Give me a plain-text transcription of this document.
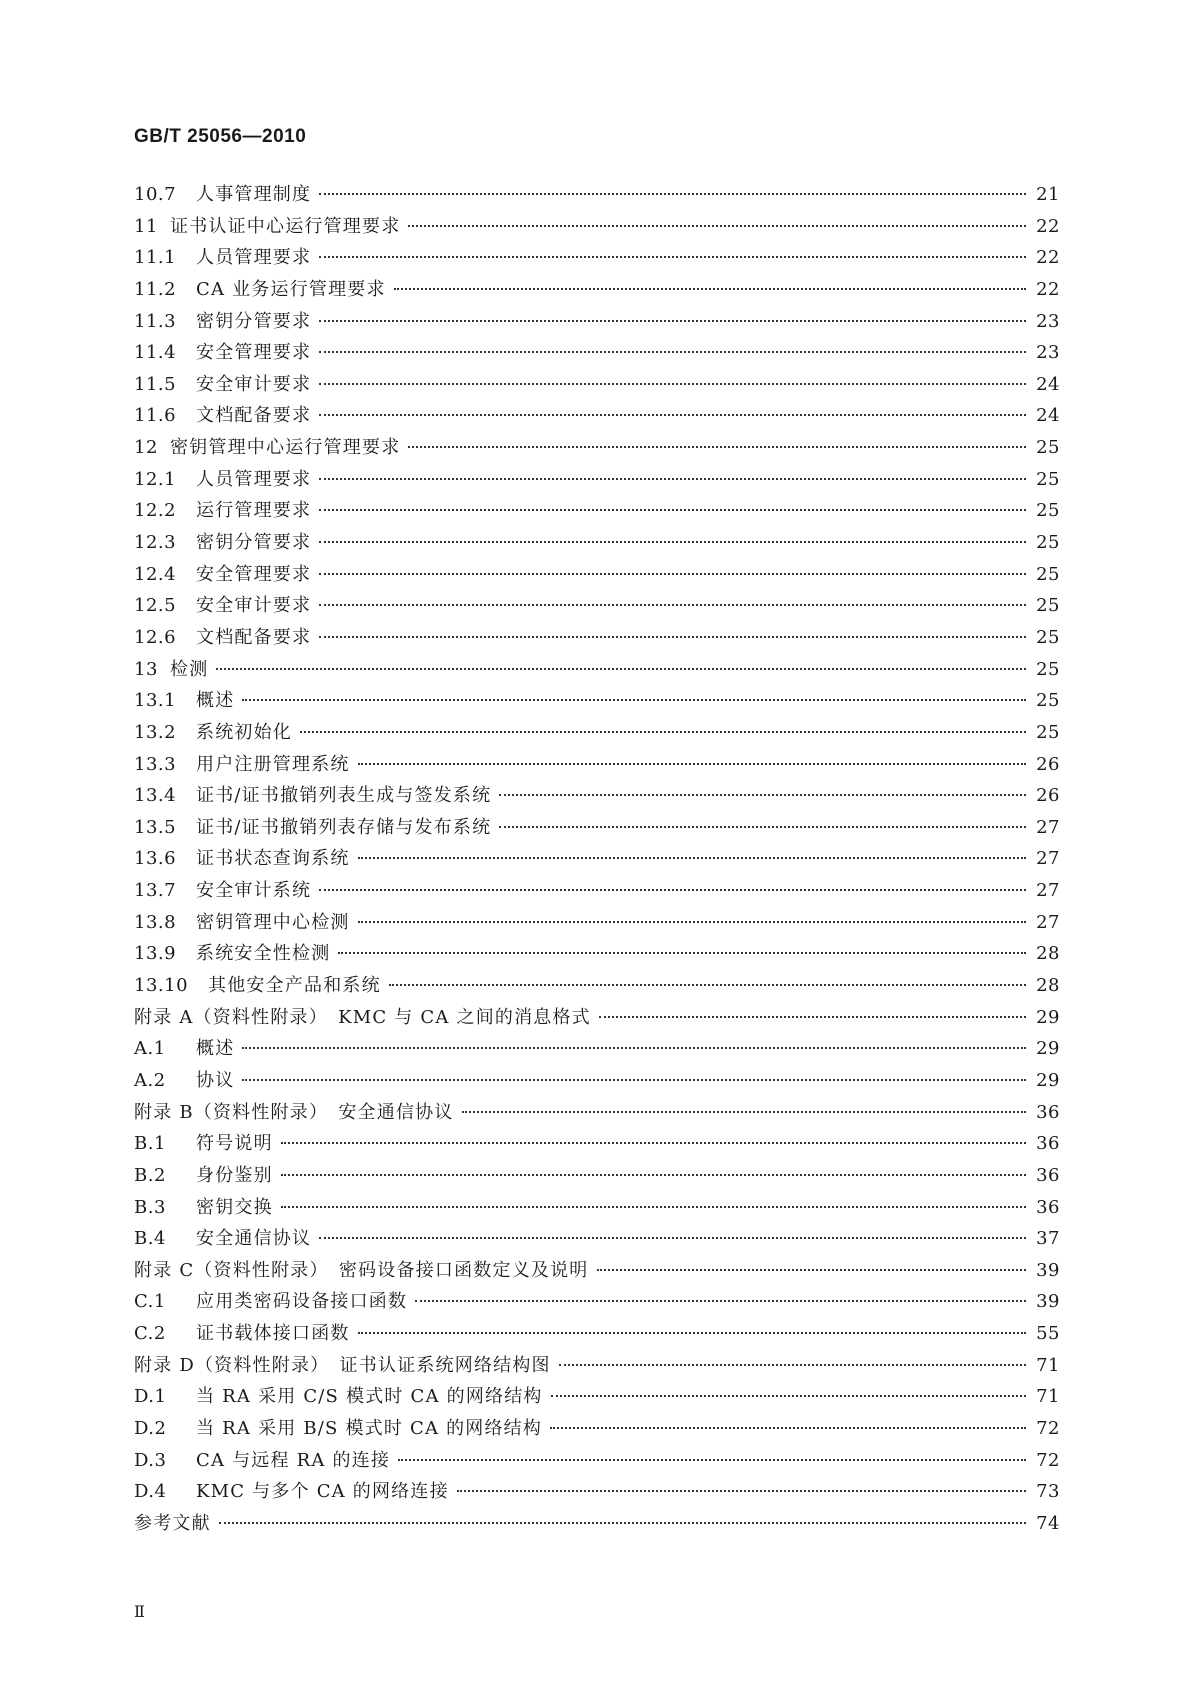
GB/T 25056—2010
10.7	人事管理制度	21
11 证书认证中心运行管理要求	22
11.1	人员管理要求	22
11.2	CA 业务运行管理要求	22
11.3	密钥分管要求	23
11.4	安全管理要求	23
11.5	安全审计要求	24
11.6	文档配备要求	24
12 密钥管理中心运行管理要求	25
12.1	人员管理要求	25
12.2	运行管理要求	25
12.3	密钥分管要求	25
12.4	安全管理要求	25
12.5	安全审计要求	25
12.6	文档配备要求	25
13 检测	25
13.1	概述	25
13.2	系统初始化	25
13.3	用户注册管理系统	26
13.4	证书/证书撤销列表生成与签发系统	26
13.5	证书/证书撤销列表存储与发布系统	27
13.6	证书状态查询系统	27
13.7	安全审计系统	27
13.8	密钥管理中心检测	27
13.9	系统安全性检测	28
13.10	其他安全产品和系统	28
附录 A（资料性附录）　KMC 与 CA 之间的消息格式	29
A.1	概述	29
A.2	协议	29
附录 B（资料性附录）　安全通信协议	36
B.1	符号说明	36
B.2	身份鉴别	36
B.3	密钥交换	36
B.4	安全通信协议	37
附录 C（资料性附录）　密码设备接口函数定义及说明	39
C.1	应用类密码设备接口函数	39
C.2	证书载体接口函数	55
附录 D（资料性附录）　证书认证系统网络结构图	71
D.1	当 RA 采用 C/S 模式时 CA 的网络结构	71
D.2	当 RA 采用 B/S 模式时 CA 的网络结构	72
D.3	CA 与远程 RA 的连接	72
D.4	KMC 与多个 CA 的网络连接	73
参考文献	74
Ⅱ
